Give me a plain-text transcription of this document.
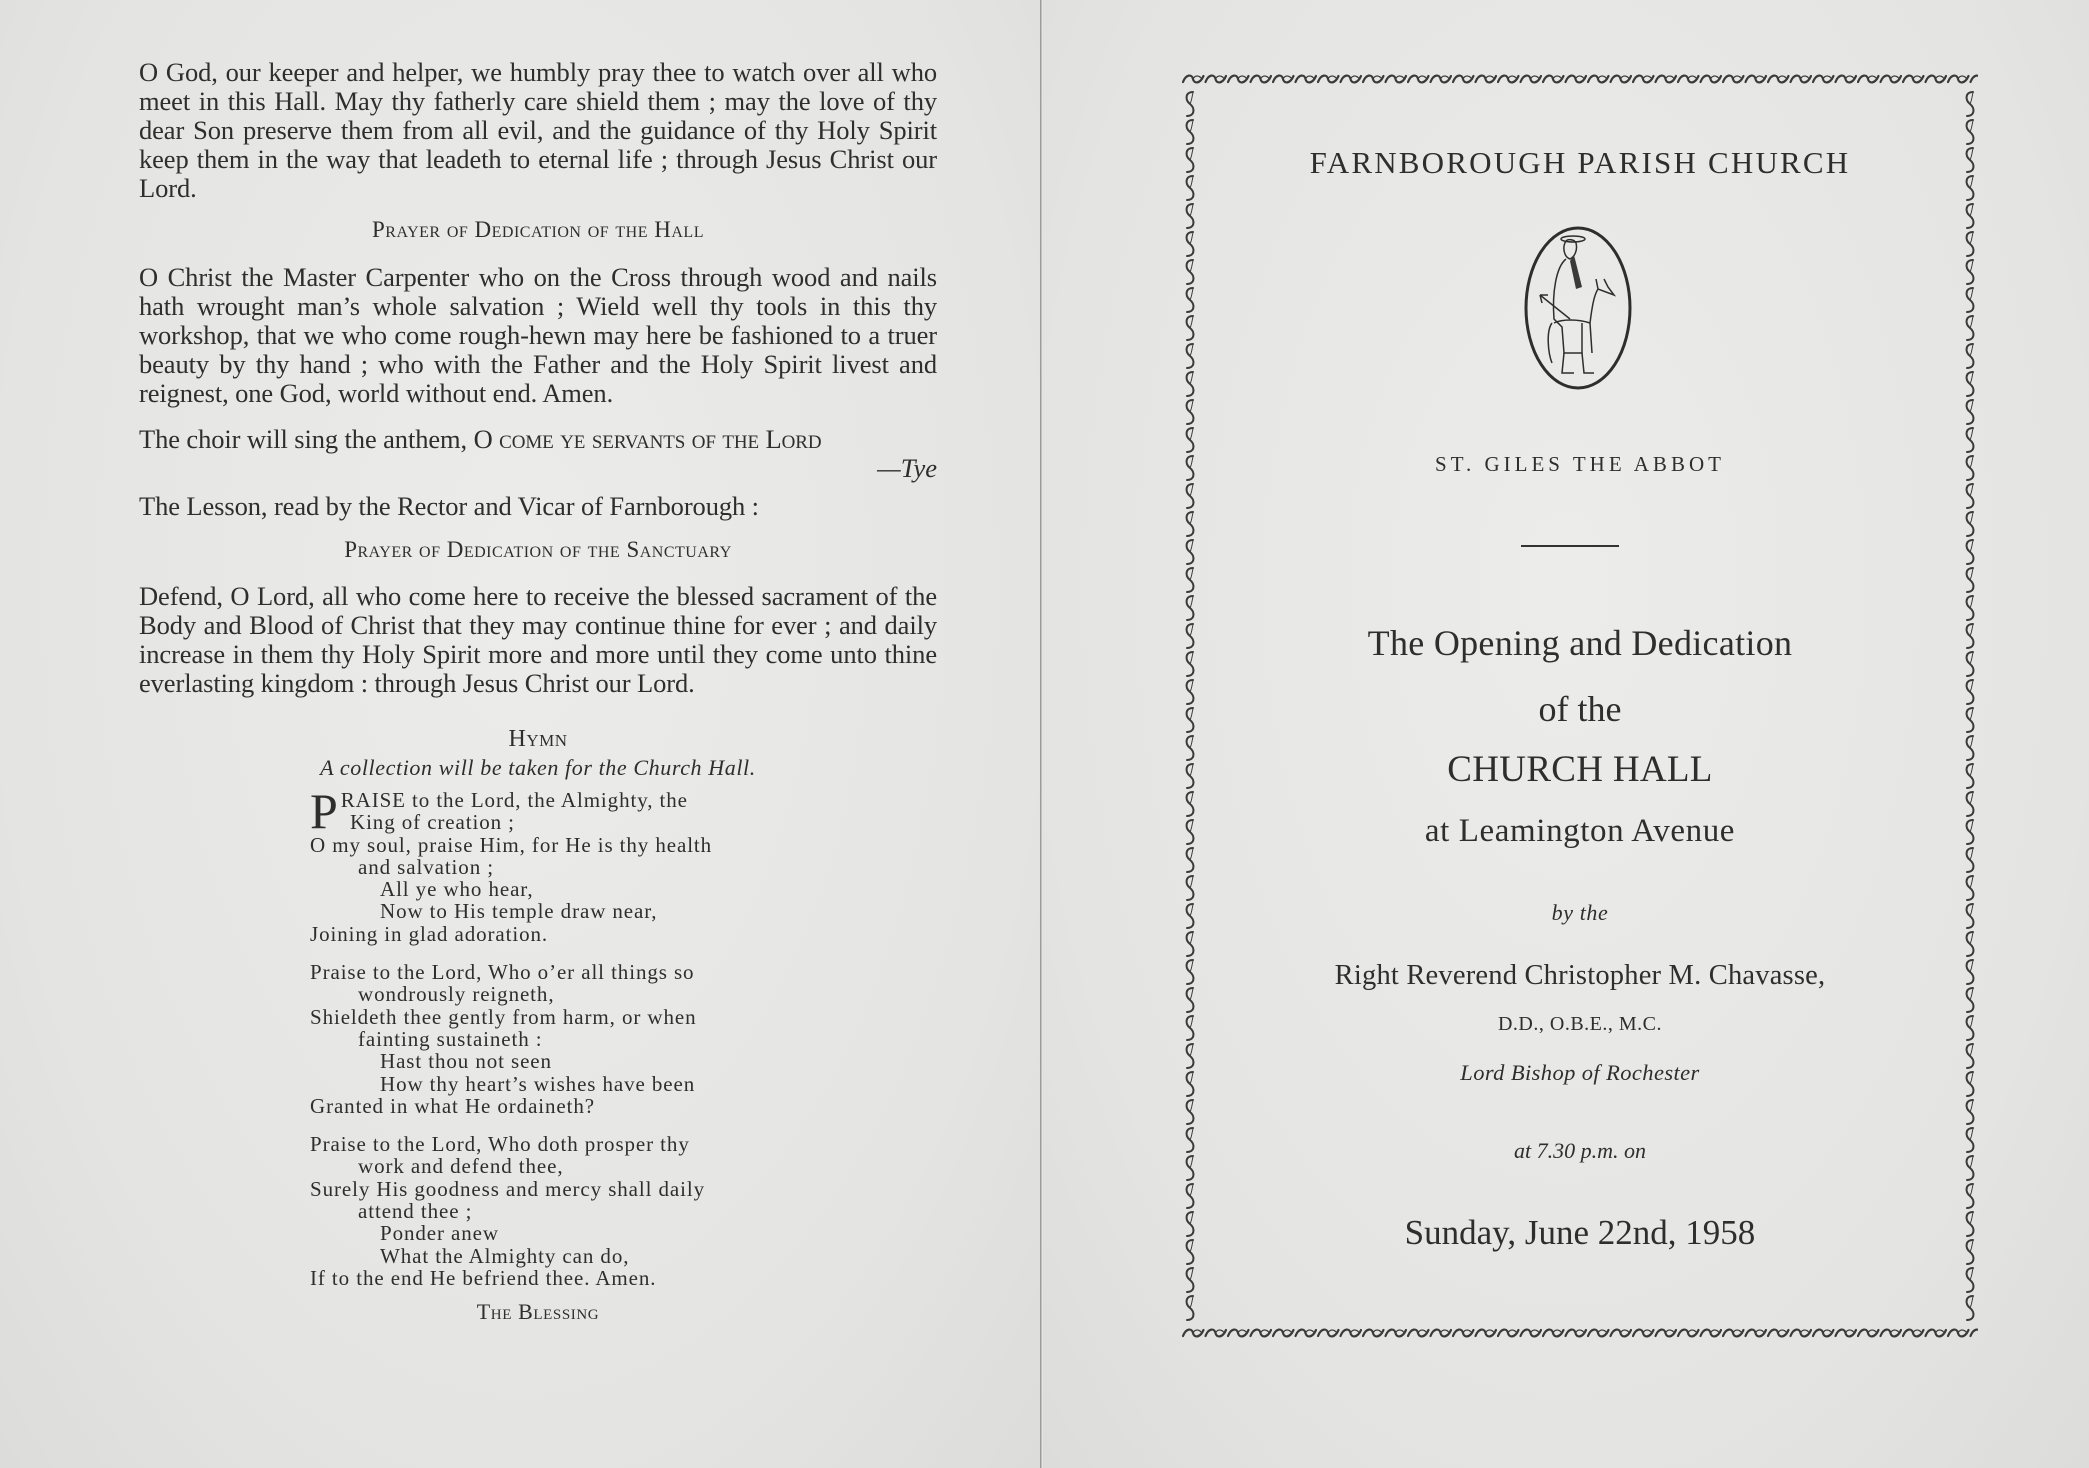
O God, our keeper and helper, we humbly pray thee to watch over all who meet in this Hall. May thy fatherly care shield them ; may the love of thy dear Son preserve them from all evil, and the guidance of thy Holy Spirit keep them in the way that leadeth to eternal life ; through Jesus Christ our Lord.

Prayer of Dedication of the Hall

O Christ the Master Carpenter who on the Cross through wood and nails hath wrought man’s whole salvation ; Wield well thy tools in this thy workshop, that we who come rough-hewn may here be fashioned to a truer beauty by thy hand ; who with the Father and the Holy Spirit livest and reignest, one God, world without end. Amen.

The choir will sing the anthem, O come ye servants of the Lord

—Tye

The Lesson, read by the Rector and Vicar of Farnborough :

Prayer of Dedication of the Sanctuary

Defend, O Lord, all who come here to receive the blessed sacrament of the Body and Blood of Christ that they may continue thine for ever ; and daily increase in them thy Holy Spirit more and more until they come unto thine everlasting kingdom : through Jesus Christ our Lord.

Hymn

A collection will be taken for the Church Hall.

P RAISE to the Lord, the Almighty, the
King of creation ;
O my soul, praise Him, for He is thy health
and salvation ;
All ye who hear,
Now to His temple draw near,
Joining in glad adoration.
Praise to the Lord, Who o’er all things so
wondrously reigneth,
Shieldeth thee gently from harm, or when
fainting sustaineth :
Hast thou not seen
How thy heart’s wishes have been
Granted in what He ordaineth?
Praise to the Lord, Who doth prosper thy
work and defend thee,
Surely His goodness and mercy shall daily
attend thee ;
Ponder anew
What the Almighty can do,
If to the end He befriend thee. Amen.

The Blessing

FARNBOROUGH PARISH CHURCH
ST. GILES THE ABBOT
The Opening and Dedication
of the
CHURCH HALL
at Leamington Avenue
by the
Right Reverend Christopher M. Chavasse,
D.D., O.B.E., M.C.
Lord Bishop of Rochester
at 7.30 p.m. on
Sunday, June 22nd, 1958
